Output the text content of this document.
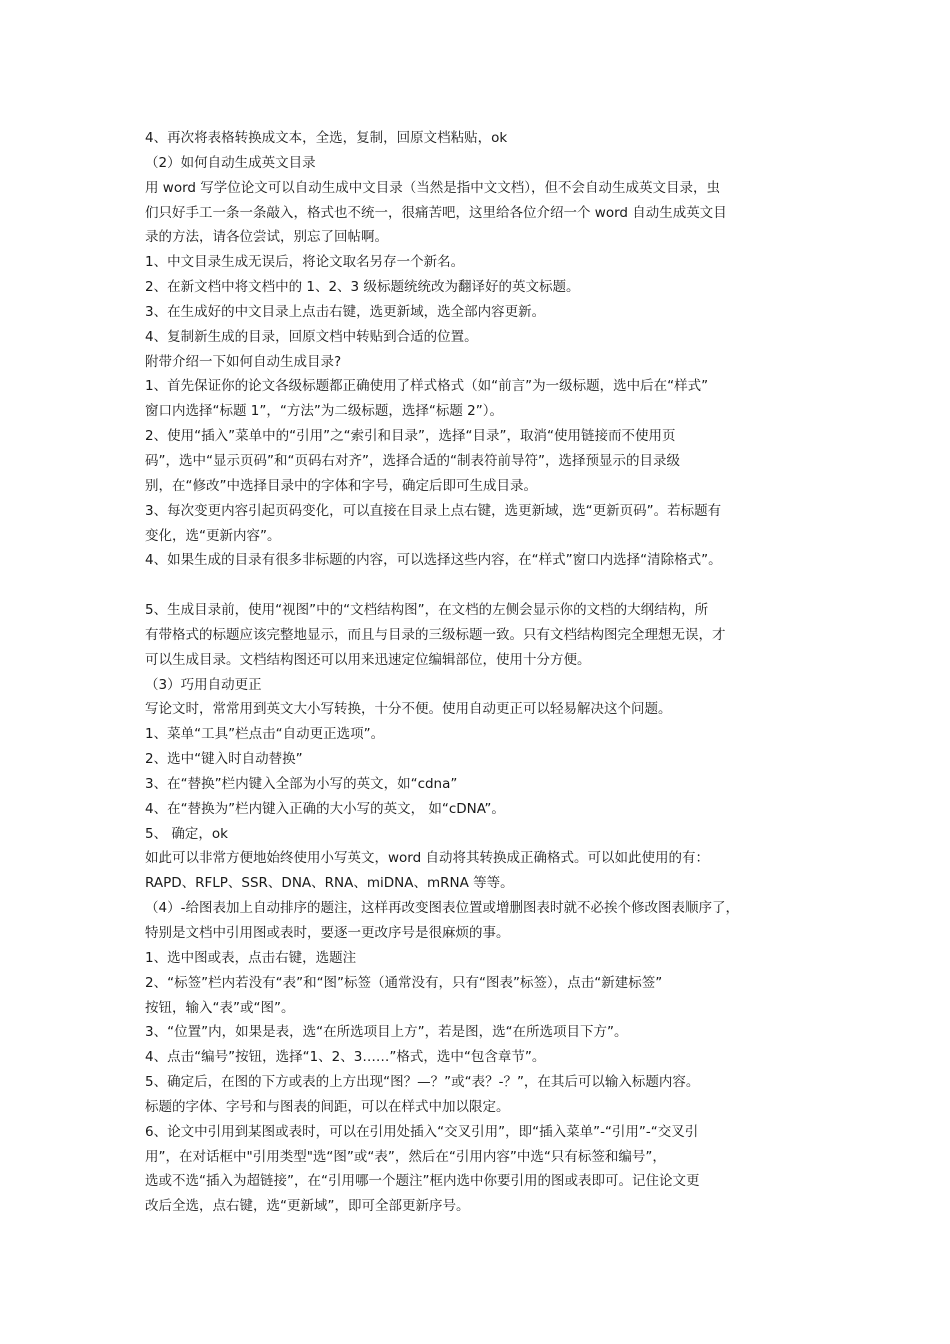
4、再次将表格转换成文本，全选，复制，回原文档粘贴，ok
（2）如何自动生成英文目录
用 word 写学位论文可以自动生成中文目录（当然是指中文文档），但不会自动生成英文目录，虫
们只好手工一条一条敲入，格式也不统一，很痛苦吧，这里给各位介绍一个 word 自动生成英文目
录的方法，请各位尝试，别忘了回帖啊。
1、中文目录生成无误后，将论文取名另存一个新名。
2、在新文档中将文档中的 1、2、3 级标题统统改为翻译好的英文标题。
3、在生成好的中文目录上点击右键，选更新域，选全部内容更新。
4、复制新生成的目录，回原文档中转贴到合适的位置。
附带介绍一下如何自动生成目录?
1、首先保证你的论文各级标题都正确使用了样式格式（如“前言”为一级标题，选中后在“样式”
窗口内选择“标题 1”，“方法”为二级标题，选择“标题 2”）。
2、使用“插入”菜单中的“引用”之“索引和目录”，选择“目录”，取消“使用链接而不使用页
码”，选中“显示页码”和“页码右对齐”，选择合适的“制表符前导符”，选择预显示的目录级
别，在“修改”中选择目录中的字体和字号，确定后即可生成目录。
3、每次变更内容引起页码变化，可以直接在目录上点右键，选更新域，选“更新页码”。若标题有
变化，选“更新内容”。
4、如果生成的目录有很多非标题的内容，可以选择这些内容，在“样式”窗口内选择“清除格式”。
5、生成目录前，使用“视图”中的“文档结构图”，在文档的左侧会显示你的文档的大纲结构，所
有带格式的标题应该完整地显示，而且与目录的三级标题一致。只有文档结构图完全理想无误，才
可以生成目录。文档结构图还可以用来迅速定位编辑部位，使用十分方便。
（3）巧用自动更正
写论文时，常常用到英文大小写转换，十分不便。使用自动更正可以轻易解决这个问题。
1、菜单“工具”栏点击“自动更正选项”。
2、选中“键入时自动替换”
3、在“替换”栏内键入全部为小写的英文，如“cdna”
4、在“替换为”栏内键入正确的大小写的英文， 如“cDNA”。
5、 确定，ok
如此可以非常方便地始终使用小写英文，word 自动将其转换成正确格式。可以如此使用的有：
RAPD、RFLP、SSR、DNA、RNA、miDNA、mRNA 等等。
（4）-给图表加上自动排序的题注，这样再改变图表位置或增删图表时就不必挨个修改图表顺序了，
特别是文档中引用图或表时，要逐一更改序号是很麻烦的事。
1、选中图或表，点击右键，选题注
2、“标签”栏内若没有“表”和“图”标签（通常没有，只有“图表”标签），点击“新建标签”
按钮，输入“表”或“图”。
3、“位置”内，如果是表，选“在所选项目上方”，若是图，选“在所选项目下方”。
4、点击“编号”按钮，选择“1、2、3……”格式，选中“包含章节”。
5、确定后，在图的下方或表的上方出现“图？—？”或“表？-？”，在其后可以输入标题内容。
标题的字体、字号和与图表的间距，可以在样式中加以限定。
6、论文中引用到某图或表时，可以在引用处插入“交叉引用”，即“插入菜单”-“引用”-“交叉引
用”，在对话框中"引用类型"选“图”或“表”，然后在“引用内容”中选“只有标签和编号”，
选或不选“插入为超链接”，在“引用哪一个题注”框内选中你要引用的图或表即可。记住论文更
改后全选，点右键，选“更新域”，即可全部更新序号。
